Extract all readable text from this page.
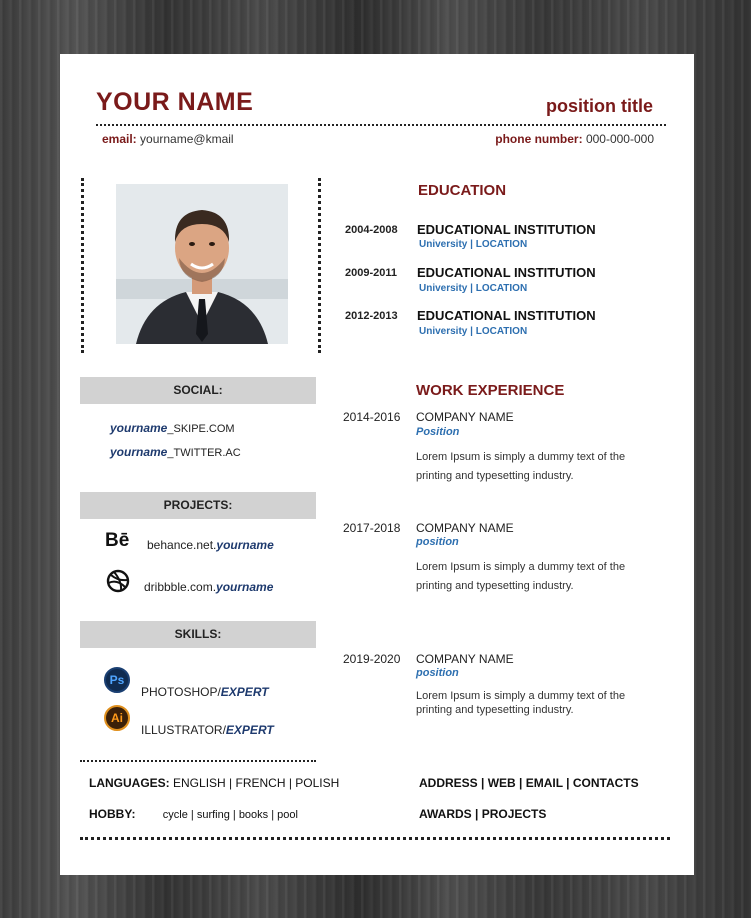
YOUR NAME	position title
email: yourname@kmail	phone number: 000-000-000
SOCIAL:
yourname_SKIPE.COM
yourname_TWITTER.AC
PROJECTS:
Bē behance.net.yourname
dribbble.com.yourname
SKILLS:
Ps
PHOTOSHOP/EXPERT
Ai
ILLUSTRATOR/EXPERT
EDUCATION
2004-2008 EDUCATIONAL INSTITUTION
University | LOCATION
2009-2011 EDUCATIONAL INSTITUTION
University | LOCATION
2012-2013 EDUCATIONAL INSTITUTION
University | LOCATION
WORK EXPERIENCE
2014-2016 COMPANY NAME
Position
Lorem Ipsum is simply a dummy text of the
printing and typesetting industry.
2017-2018 COMPANY NAME
position
Lorem Ipsum is simply a dummy text of the
printing and typesetting industry.
2019-2020 COMPANY NAME
position
Lorem Ipsum is simply a dummy text of the
printing and typesetting industry.
LANGUAGES: ENGLISH | FRENCH | POLISH
HOBBY: cycle | surfing | books | pool
ADDRESS | WEB | EMAIL | CONTACTS
AWARDS | PROJECTS
